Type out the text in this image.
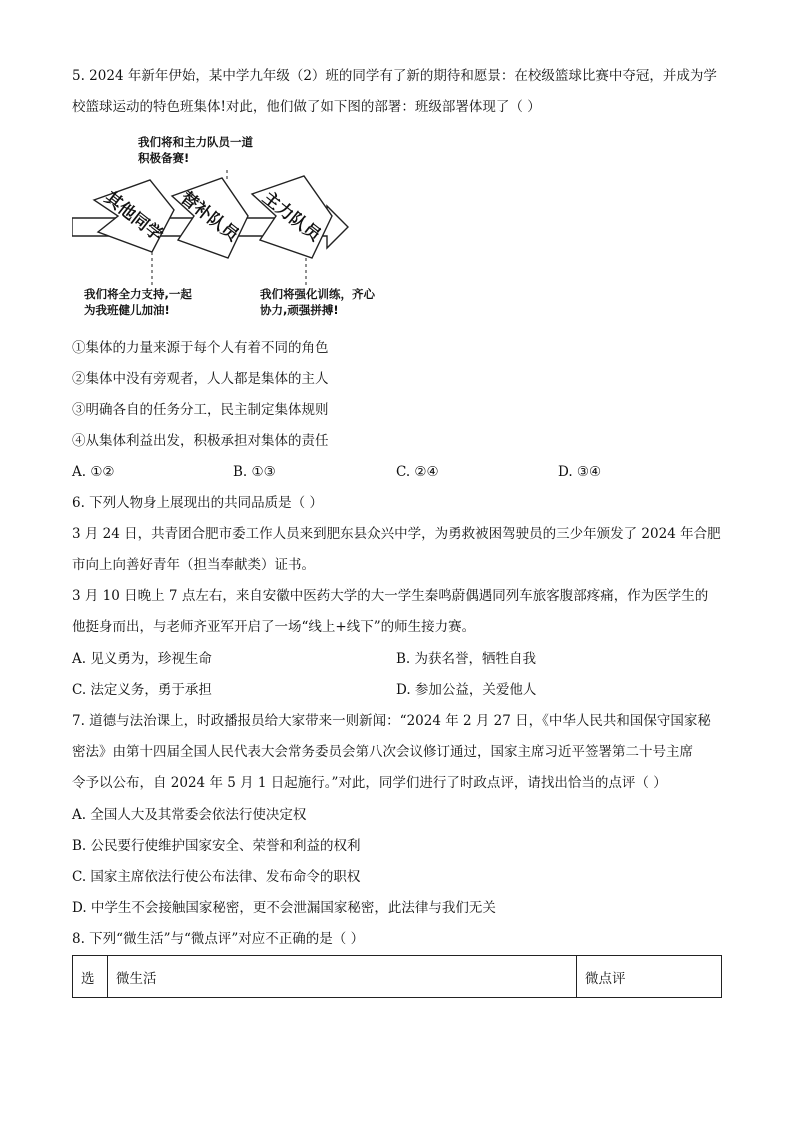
5. 2024 年新年伊始，某中学九年级（2）班的同学有了新的期待和愿景：在校级篮球比赛中夺冠，并成为学
校篮球运动的特色班集体!对此，他们做了如下图的部署：班级部署体现了（ ）
其他同学 替补队员 主力队员
我们将和主力队员一道
积极备赛!
我们将全力支持,一起
为我班健儿加油!
我们将强化训练，齐心
协力,顽强拼搏!
①集体的力量来源于每个人有着不同的角色
②集体中没有旁观者，人人都是集体的主人
③明确各自的任务分工，民主制定集体规则
④从集体利益出发，积极承担对集体的责任
A. ①②	B. ①③	C. ②④	D. ③④
6. 下列人物身上展现出的共同品质是（ ）
3 月 24 日，共青团合肥市委工作人员来到肥东县众兴中学，为勇救被困驾驶员的三少年颁发了 2024 年合肥
市向上向善好青年（担当奉献类）证书。
3 月 10 日晚上 7 点左右，来自安徽中医药大学的大一学生秦鸣蔚偶遇同列车旅客腹部疼痛，作为医学生的
他挺身而出，与老师齐亚军开启了一场“线上+线下”的师生接力赛。
A. 见义勇为，珍视生命	B. 为获名誉，牺牲自我
C. 法定义务，勇于承担	D. 参加公益，关爱他人
7. 道德与法治课上，时政播报员给大家带来一则新闻：“2024 年 2 月 27 日，《中华人民共和国保守国家秘
密法》由第十四届全国人民代表大会常务委员会第八次会议修订通过，国家主席习近平签署第二十号主席
令予以公布，自 2024 年 5 月 1 日起施行。”对此，同学们进行了时政点评，请找出恰当的点评（ ）
A. 全国人大及其常委会依法行使决定权
B. 公民要行使维护国家安全、荣誉和利益的权利
C. 国家主席依法行使公布法律、发布命令的职权
D. 中学生不会接触国家秘密，更不会泄漏国家秘密，此法律与我们无关
8. 下列“微生活”与“微点评”对应不正确的是（ ）
选	微生活	微点评
